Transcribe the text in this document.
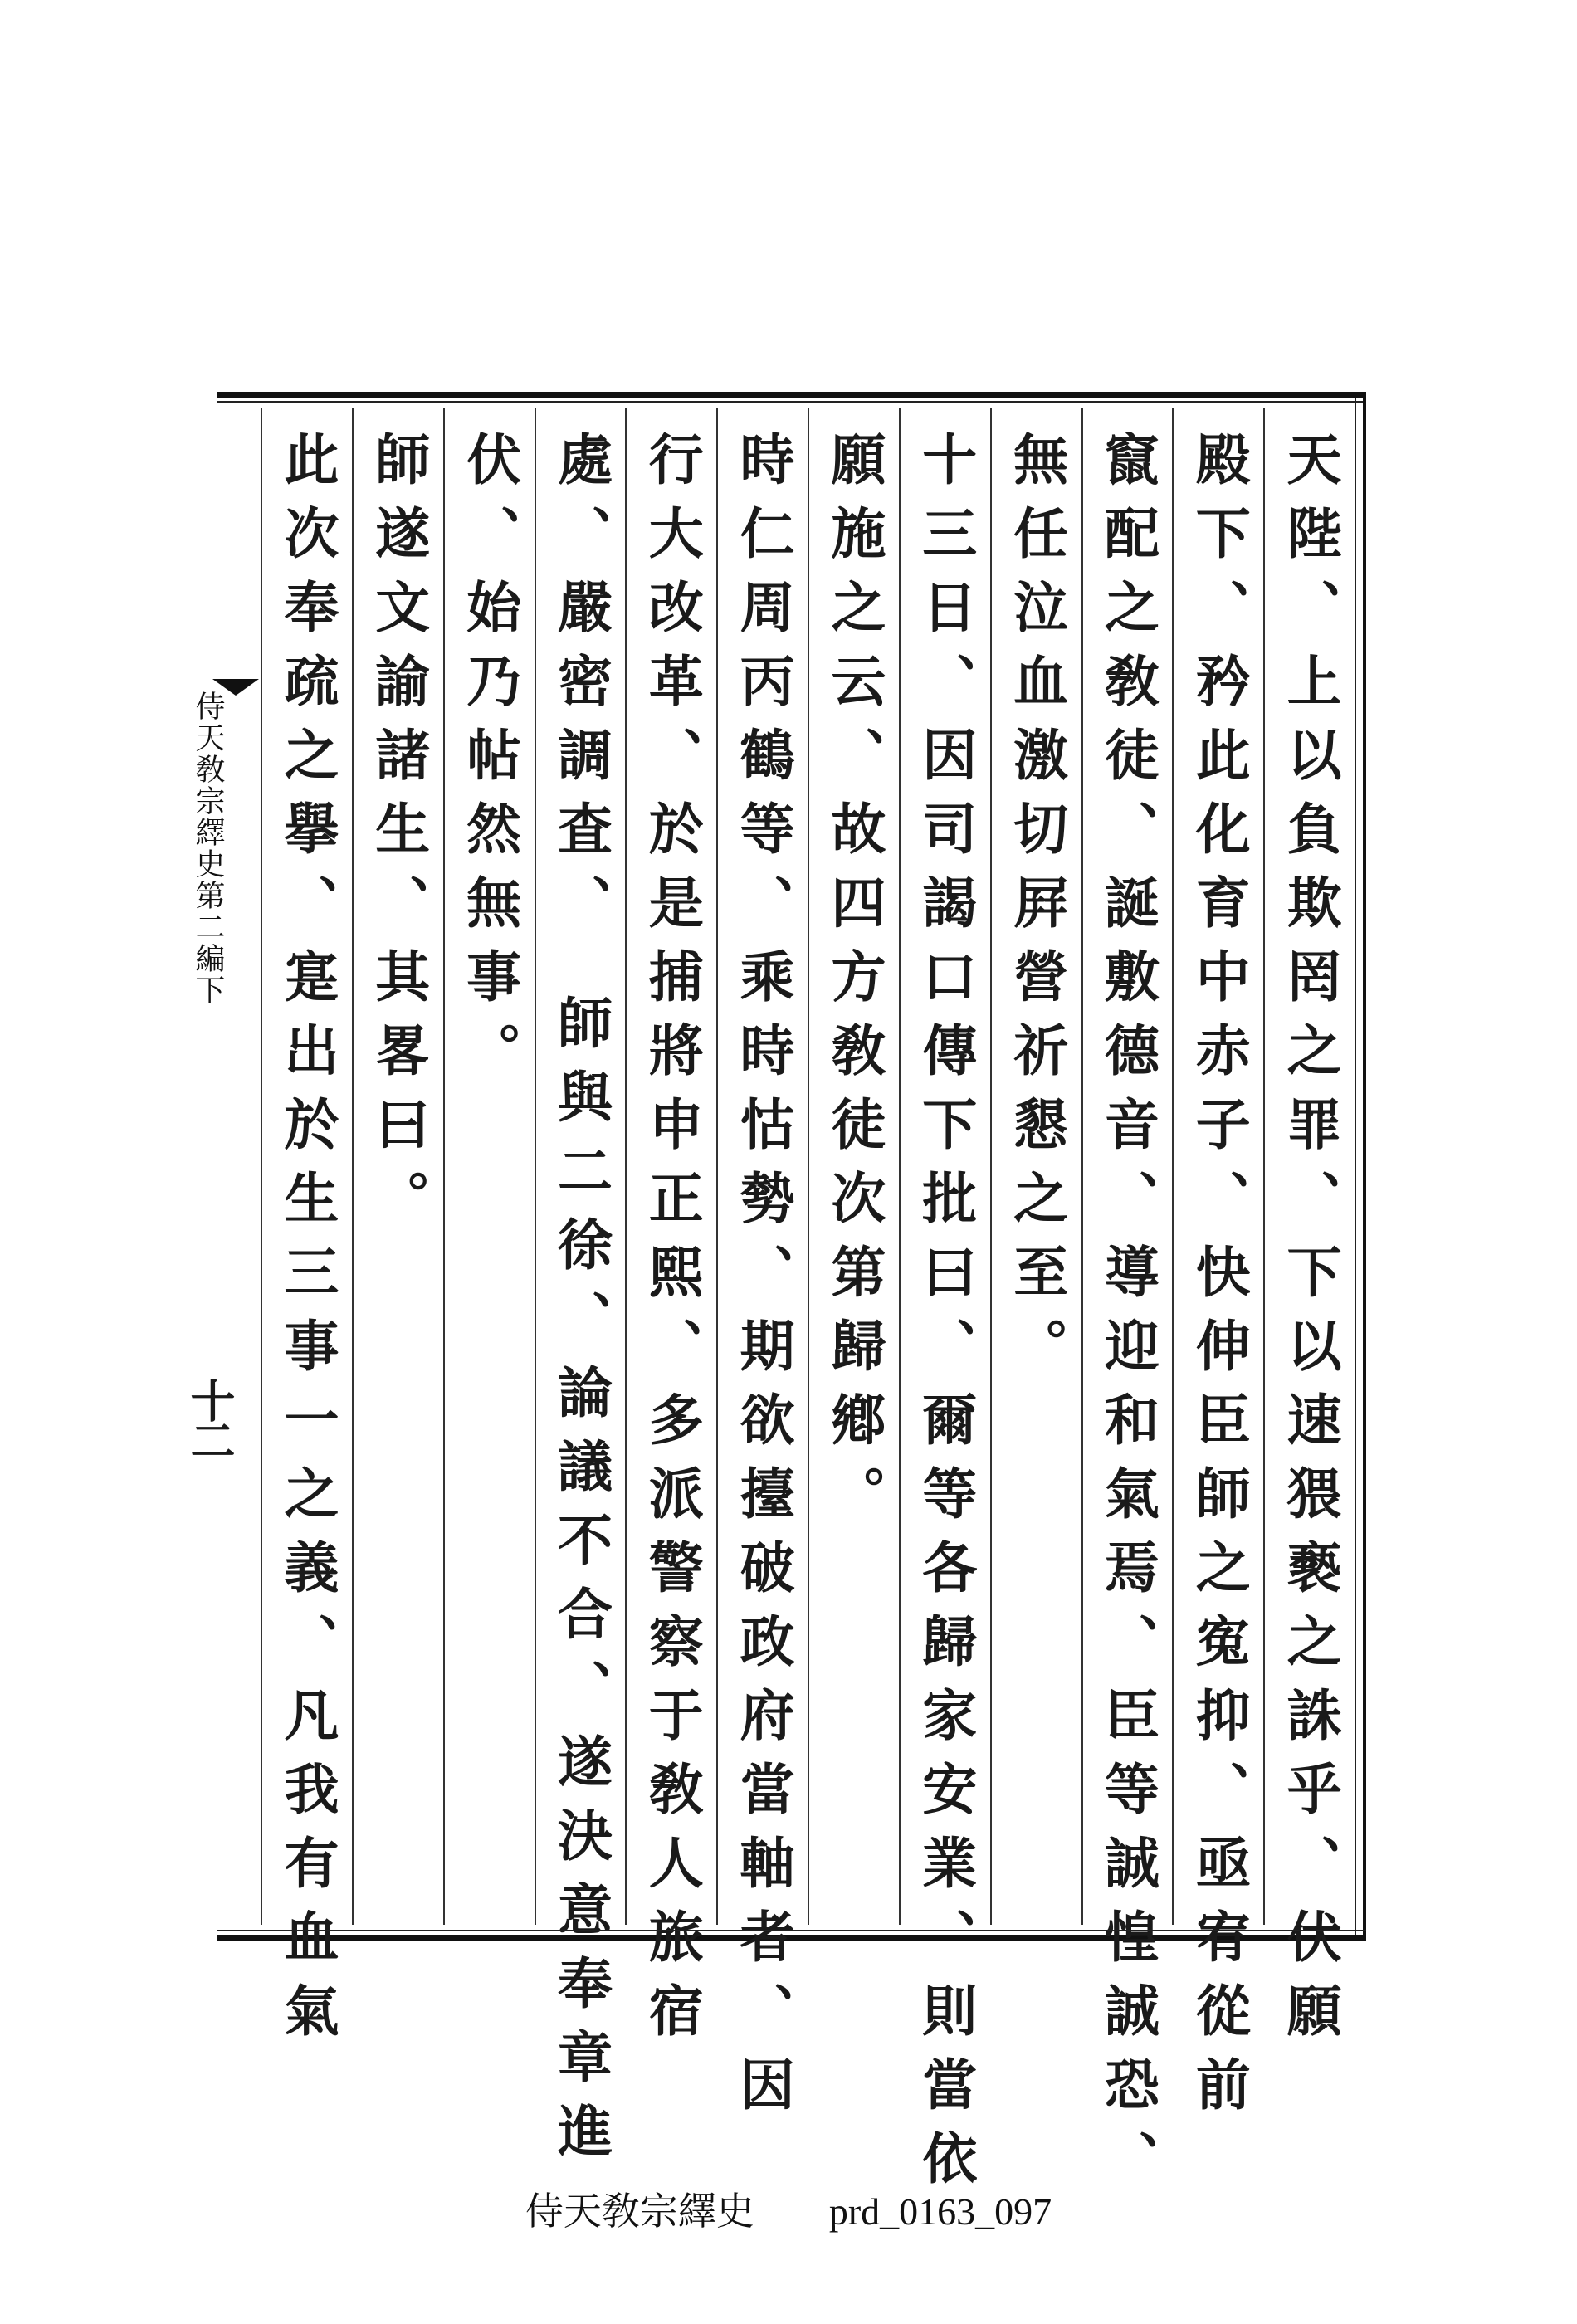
侍天敎宗繹史第二編下
十二	天陛、上以負欺罔之罪、下以速猥褻之誅乎、伏願
殿下、矜此化育中赤子、快伸臣師之寃抑、亟宥從前
竄配之敎徒、誕敷德音、導迎和氣焉、臣等誠惶誠恐、
無任泣血激切屛營祈懇之至。
十三日、因司謁口傳下批曰、爾等各歸家安業、則當依
願施之云、故四方敎徒次第歸鄕。
時仁周丙鶴等、乘時怙勢、期欲擡破政府當軸者、因
行大改革、於是捕將申正熙、多派警察于敎人旅宿
處、嚴密調査、　師與二徐、論議不合、遂決意奉章進
伏、始乃帖然無事。
師遂文諭諸生、其畧曰。
此次奉疏之擧、寔出於生三事一之義、凡我有血氣
侍天敎宗繹史 prd_0163_097
